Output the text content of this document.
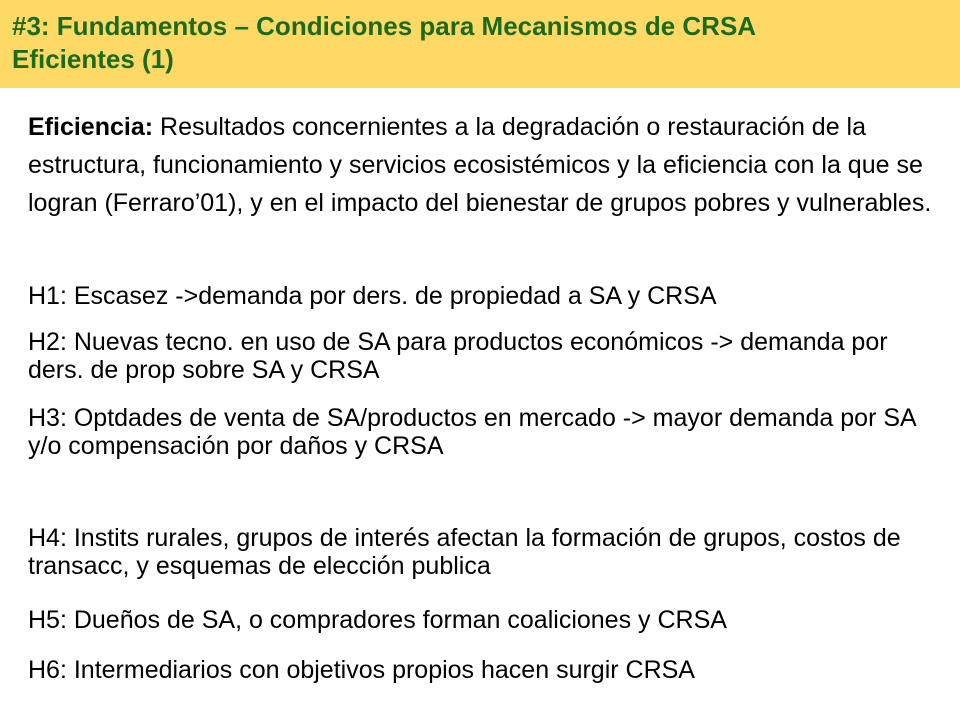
#3: Fundamentos – Condiciones para Mecanismos de CRSA
Eficientes (1)
Eficiencia: Resultados concernientes a la degradación o restauración de la estructura, funcionamiento y servicios ecosistémicos y la eficiencia con la que se logran (Ferraro’01), y en el impacto del bienestar de grupos pobres y vulnerables.
H1: Escasez ->demanda por ders. de propiedad a SA y CRSA
H2: Nuevas tecno. en uso de SA para productos económicos -> demanda por ders. de prop sobre SA y CRSA
H3: Optdades de venta de SA/productos en mercado -> mayor demanda por SA y/o compensación por daños y CRSA
H4: Instits rurales, grupos de interés afectan la formación de grupos, costos de transacc, y esquemas de elección publica
H5: Dueños de SA, o compradores forman coaliciones y CRSA
H6: Intermediarios con objetivos propios hacen surgir CRSA
